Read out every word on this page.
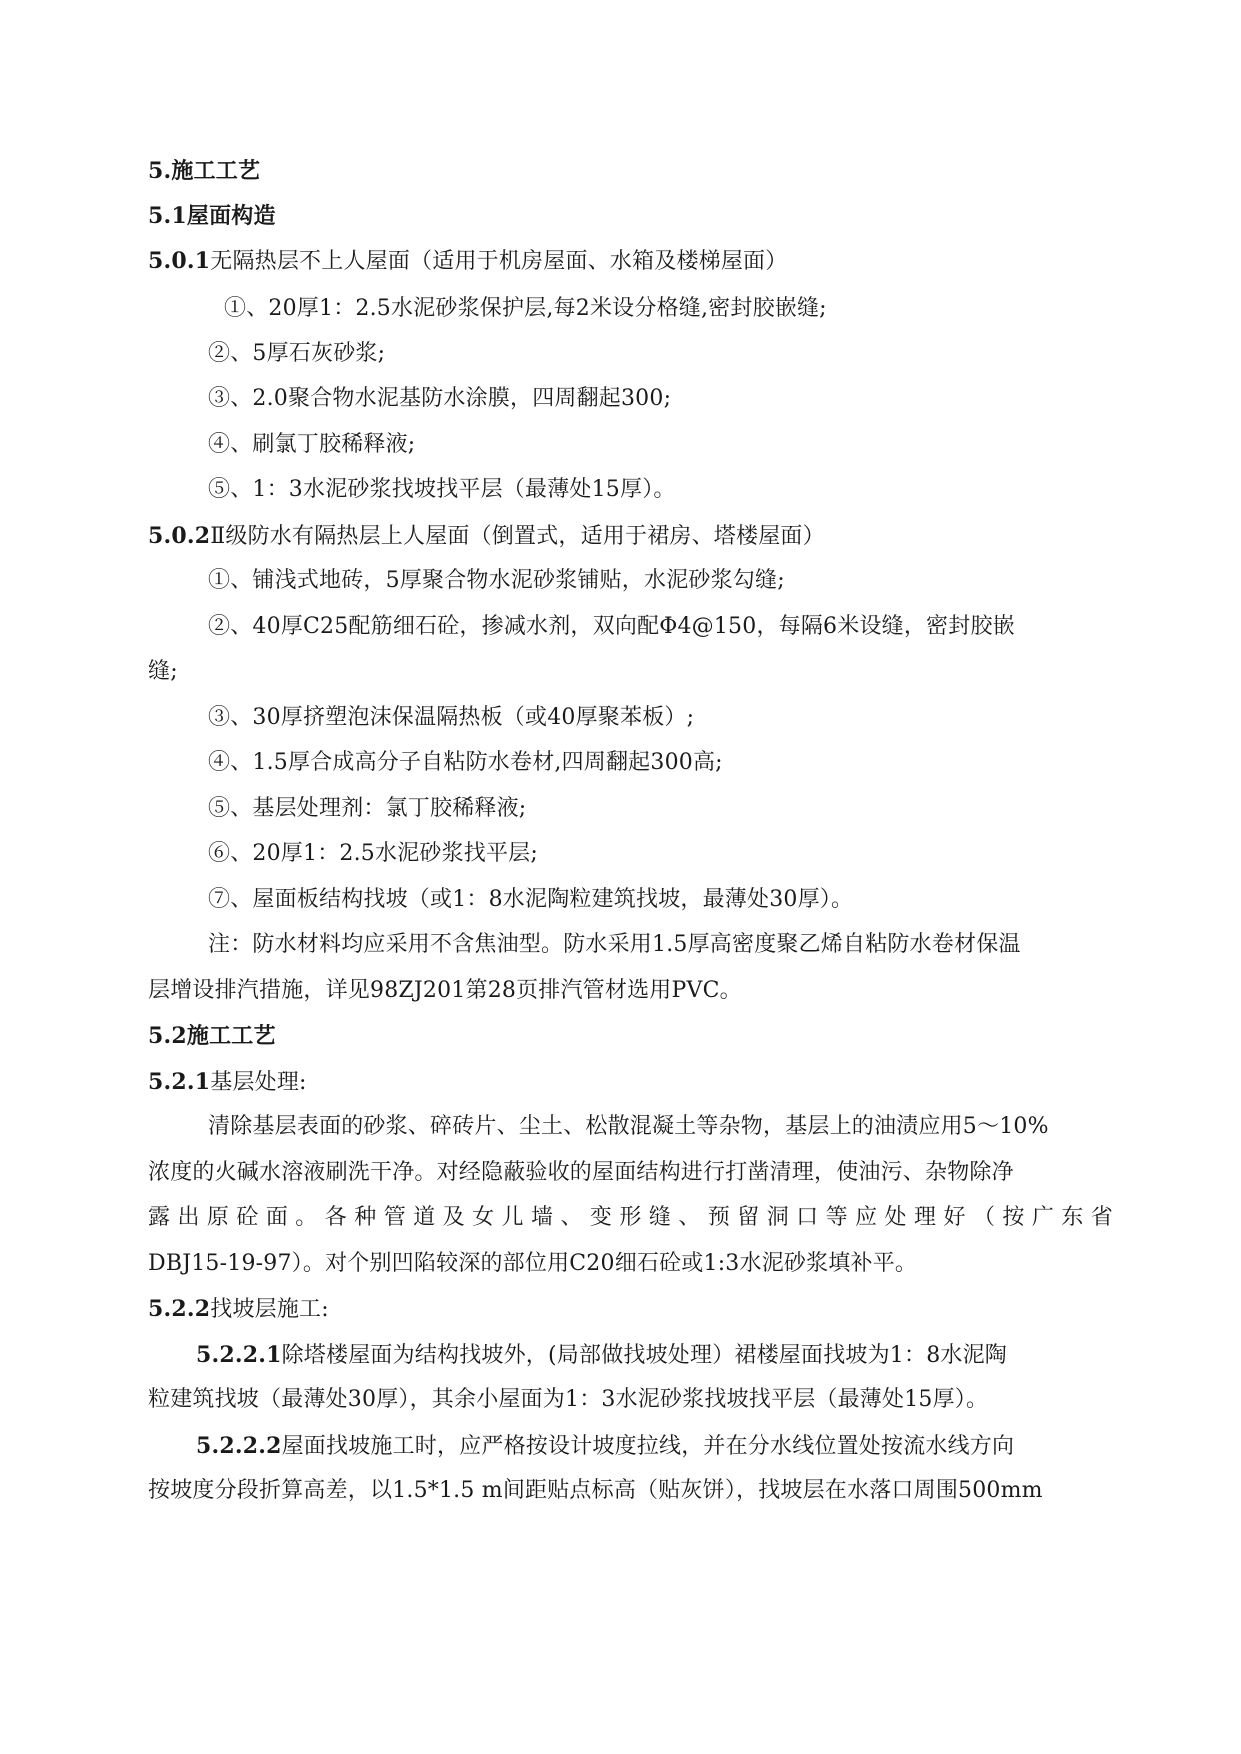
5.施工工艺
5.1屋面构造
5.0.1无隔热层不上人屋面（适用于机房屋面、水箱及楼梯屋面）
①、20厚1：2.5水泥砂浆保护层,每2米设分格缝,密封胶嵌缝;
②、5厚石灰砂浆;
③、2.0聚合物水泥基防水涂膜，四周翻起300;
④、刷氯丁胶稀释液;
⑤、1：3水泥砂浆找坡找平层（最薄处15厚）。
5.0.2Ⅱ级防水有隔热层上人屋面（倒置式，适用于裙房、塔楼屋面）
①、铺浅式地砖，5厚聚合物水泥砂浆铺贴，水泥砂浆勾缝;
②、40厚C25配筋细石砼，掺减水剂，双向配Φ4@150，每隔6米设缝，密封胶嵌
缝;
③、30厚挤塑泡沫保温隔热板（或40厚聚苯板）;
④、1.5厚合成高分子自粘防水卷材,四周翻起300高;
⑤、基层处理剂：氯丁胶稀释液;
⑥、20厚1：2.5水泥砂浆找平层;
⑦、屋面板结构找坡（或1：8水泥陶粒建筑找坡，最薄处30厚）。
注：防水材料均应采用不含焦油型。防水采用1.5厚高密度聚乙烯自粘防水卷材保温
层增设排汽措施，详见98ZJ201第28页排汽管材选用PVC。
5.2施工工艺
5.2.1基层处理:
清除基层表面的砂浆、碎砖片、尘土、松散混凝土等杂物，基层上的油渍应用5～10%
浓度的火碱水溶液刷洗干净。对经隐蔽验收的屋面结构进行打凿清理，使油污、杂物除净
露出原砼面。各种管道及女儿墙、变形缝、预留洞口等应处理好（按广东省
DBJ15-19-97）。对个别凹陷较深的部位用C20细石砼或1:3水泥砂浆填补平。
5.2.2找坡层施工:
5.2.2.1除塔楼屋面为结构找坡外，(局部做找坡处理）裙楼屋面找坡为1：8水泥陶
粒建筑找坡（最薄处30厚），其余小屋面为1：3水泥砂浆找坡找平层（最薄处15厚）。
5.2.2.2屋面找坡施工时，应严格按设计坡度拉线，并在分水线位置处按流水线方向
按坡度分段折算高差，以1.5*1.5 m间距贴点标高（贴灰饼），找坡层在水落口周围500mm
